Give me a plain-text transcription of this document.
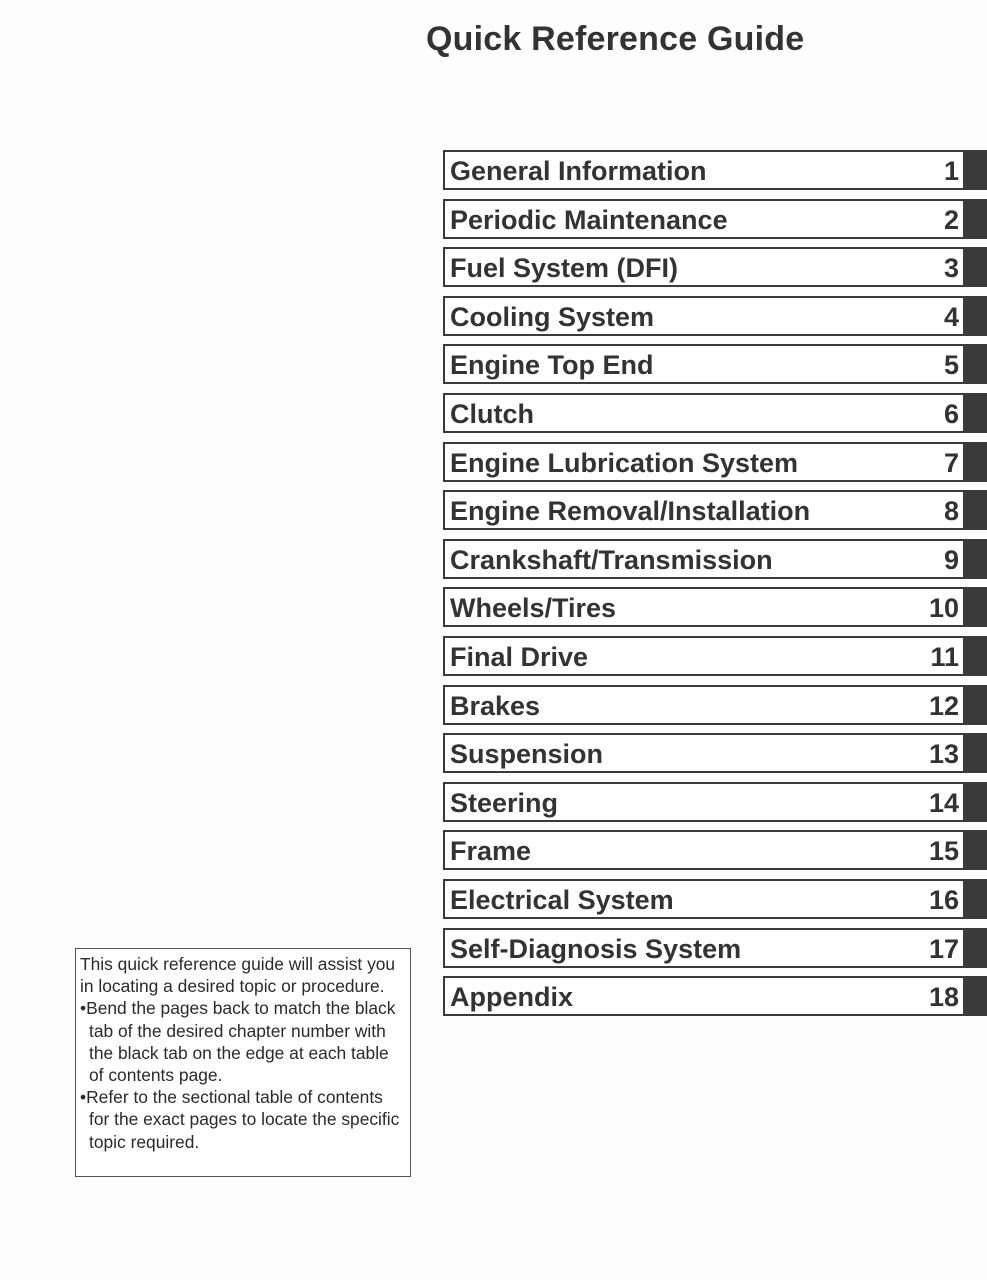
Quick Reference Guide
General Information	1
Periodic Maintenance	2
Fuel System (DFI)	3
Cooling System	4
Engine Top End	5
Clutch	6
Engine Lubrication System	7
Engine Removal/Installation	8
Crankshaft/Transmission	9
Wheels/Tires	10
Final Drive	11
Brakes	12
Suspension	13
Steering	14
Frame	15
Electrical System	16
Self-Diagnosis System	17
Appendix	18

This quick reference guide will assist you in locating a desired topic or procedure.

•Bend the pages back to match the black tab of the desired chapter number with the black tab on the edge at each table of contents page.

•Refer to the sectional table of contents for the exact pages to locate the specific topic required.
